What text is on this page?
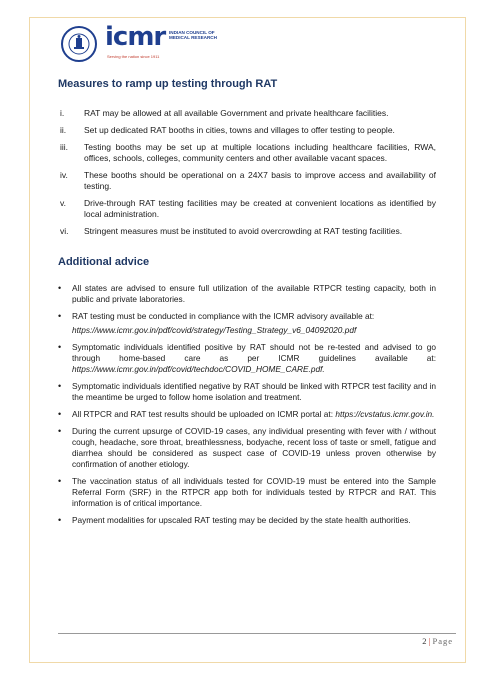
icmr INDIAN COUNCIL OF MEDICAL RESEARCH
Serving the nation since 1911
Measures to ramp up testing through RAT
i.	RAT may be allowed at all available Government and private healthcare facilities.
ii.	Set up dedicated RAT booths in cities, towns and villages to offer testing to people.
iii.	Testing booths may be set up at multiple locations including healthcare facilities, RWA, offices, schools, colleges, community centers and other available vacant spaces.
iv.	These booths should be operational on a 24X7 basis to improve access and availability of testing.
v.	Drive-through RAT testing facilities may be created at convenient locations as identified by local administration.
vi.	Stringent measures must be instituted to avoid overcrowding at RAT testing facilities.
Additional advice
• All states are advised to ensure full utilization of the available RTPCR testing capacity, both in public and private laboratories.
• RAT testing must be conducted in compliance with the ICMR advisory available at:
https://www.icmr.gov.in/pdf/covid/strategy/Testing_Strategy_v6_04092020.pdf
• Symptomatic individuals identified positive by RAT should not be re-tested and advised to go through home-based care as per ICMR guidelines available at: https://www.icmr.gov.in/pdf/covid/techdoc/COVID_HOME_CARE.pdf.
• Symptomatic individuals identified negative by RAT should be linked with RTPCR test facility and in the meantime be urged to follow home isolation and treatment.
• All RTPCR and RAT test results should be uploaded on ICMR portal at: https://cvstatus.icmr.gov.in.
• During the current upsurge of COVID-19 cases, any individual presenting with fever with / without cough, headache, sore throat, breathlessness, bodyache, recent loss of taste or smell, fatigue and diarrhea should be considered as suspect case of COVID-19 unless proven otherwise by confirmation of another etiology.
• The vaccination status of all individuals tested for COVID-19 must be entered into the Sample Referral Form (SRF) in the RTPCR app both for individuals tested by RTPCR and RAT. This information is of critical importance.
• Payment modalities for upscaled RAT testing may be decided by the state health authorities.
2 | Page
